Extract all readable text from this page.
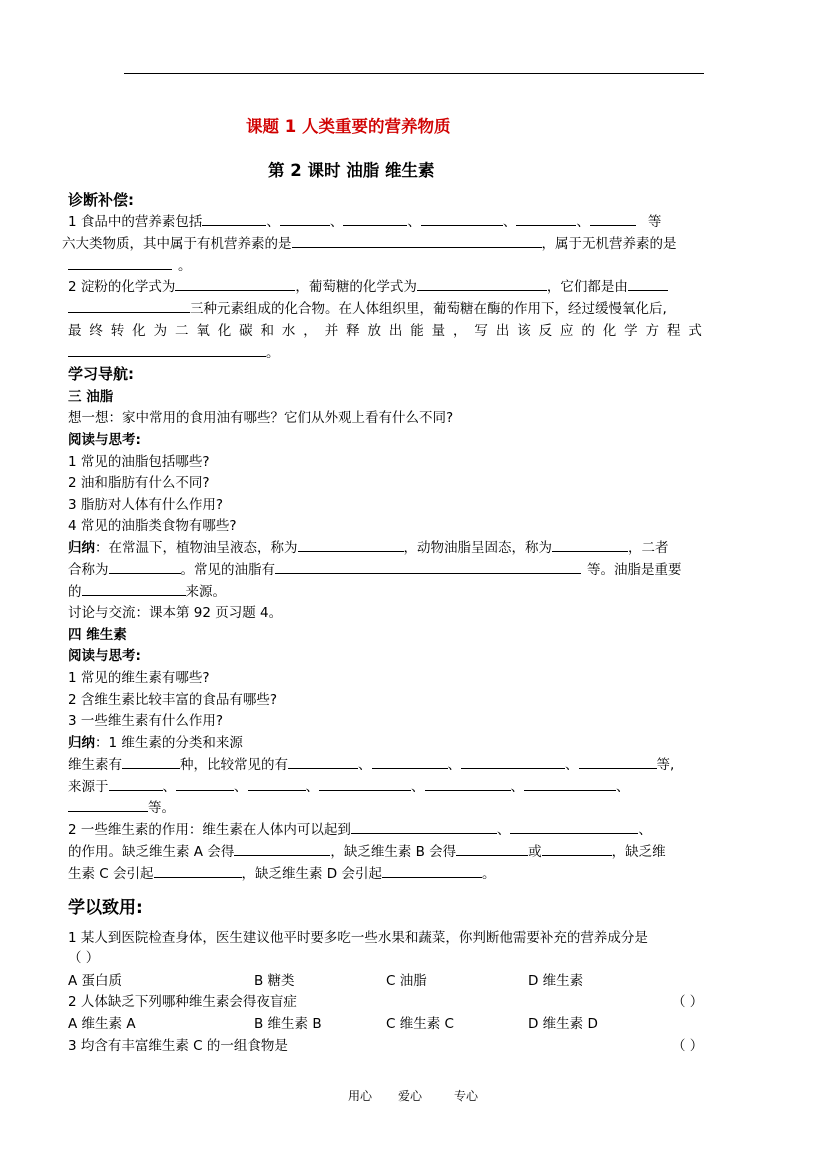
课题 1 人类重要的营养物质
第 2 课时 油脂 维生素
诊断补偿:
1 食品中的营养素包括	、	、	、	、	、	等
六大类物质，其中属于有机营养素的是	，属于无机营养素的是
。
2 淀粉的化学式为	，葡萄糖的化学式为	，它们都是由
三种元素组成的化合物。在人体组织里，葡萄糖在酶的作用下，经过缓慢氧化后,
最 终 转 化 为 二 氧 化 碳 和 水 ， 并 释 放 出 能 量 ， 写 出 该 反 应 的 化 学 方 程 式
。
学习导航:
三 油脂
想一想：家中常用的食用油有哪些？它们从外观上看有什么不同?
阅读与思考:
1 常见的油脂包括哪些?
2 油和脂肪有什么不同?
3 脂肪对人体有什么作用?
4 常见的油脂类食物有哪些?
归纳：在常温下，植物油呈液态，称为	，动物油脂呈固态，称为	，二者
合称为	。常见的油脂有	等。油脂是重要
的	来源。
讨论与交流：课本第 92 页习题 4。
四 维生素
阅读与思考:
1 常见的维生素有哪些?
2 含维生素比较丰富的食品有哪些?
3 一些维生素有什么作用?
归纳：1 维生素的分类和来源
维生素有	种，比较常见的有	、	、	、	等,
来源于	、	、	、	、	、	、
等。
2 一些维生素的作用：维生素在人体内可以起到	、	、
的作用。缺乏维生素 A 会得	，缺乏维生素 B 会得	或	，缺乏维
生素 C 会引起	，缺乏维生素 D 会引起	。
学以致用:
1 某人到医院检查身体，医生建议他平时要多吃一些水果和蔬菜，你判断他需要补充的营养成分是
（ ）
A 蛋白质	B 糖类	C 油脂	D 维生素
2 人体缺乏下列哪种维生素会得夜盲症	（ ）
A 维生素 A	B 维生素 B	C 维生素 C	D 维生素 D
3 均含有丰富维生素 C 的一组食物是	（ ）
用心 爱心	专心
